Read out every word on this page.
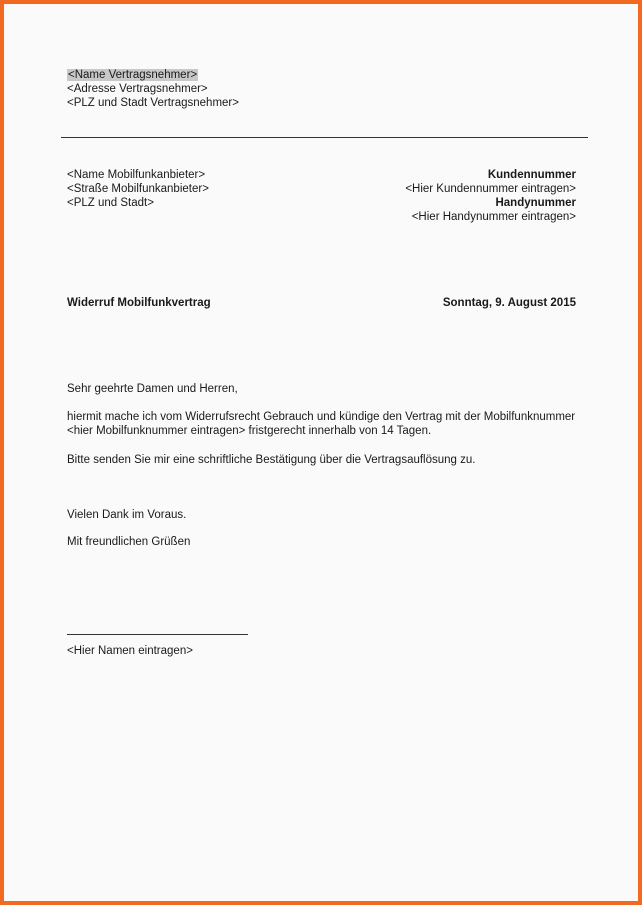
<Name Vertragsnehmer>
<Adresse Vertragsnehmer>
<PLZ und Stadt Vertragsnehmer>
<Name Mobilfunkanbieter>
<Straße Mobilfunkanbieter>
<PLZ und Stadt>
Kundennummer
<Hier Kundennummer eintragen>
Handynummer
<Hier Handynummer eintragen>
Widerruf Mobilfunkvertrag	Sonntag, 9. August 2015
Sehr geehrte Damen und Herren,
hiermit mache ich vom Widerrufsrecht Gebrauch und kündige den Vertrag mit der Mobilfunknummer
<hier Mobilfunknummer eintragen> fristgerecht innerhalb von 14 Tagen.
Bitte senden Sie mir eine schriftliche Bestätigung über die Vertragsauflösung zu.
Vielen Dank im Voraus.
Mit freundlichen Grüßen
<Hier Namen eintragen>
